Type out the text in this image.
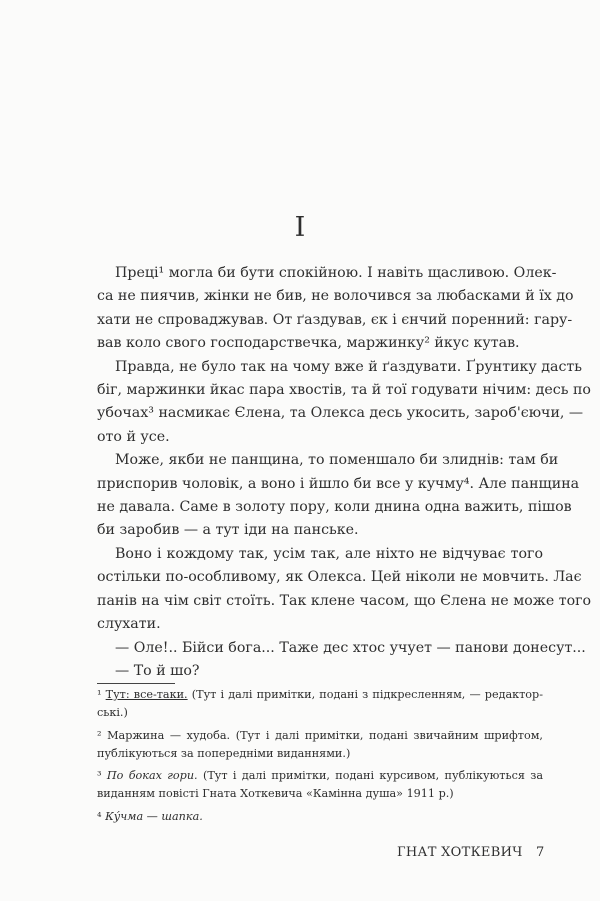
I
Преці¹ могла би бути спокійною. І навіть щасливою. Олек-
са не пиячив, жінки не бив, не волочився за любасками й їх до
хати не спроваджував. От ґаздував, єк і єнчий поренний: гару-
вав коло свого господарствечка, маржинку² йкус кутав.
Правда, не було так на чому вже й ґаздувати. Ґрунтику дасть
біг, маржинки йкас пара хвостів, та й тої годувати нічим: десь по
убочах³ насмикає Єлена, та Олекса десь укосить, зароб'єючи, —
ото й усе.
Може, якби не панщина, то поменшало би злиднів: там би
приспорив чоловік, а воно і йшло би все у кучму⁴. Але панщина
не давала. Саме в золоту пору, коли днина одна важить, пішов
би заробив — а тут іди на панське.
Воно і кождому так, усім так, але ніхто не відчуває того
остільки по-особливому, як Олекса. Цей ніколи не мовчить. Лає
панів на чім світ стоїть. Так клене часом, що Єлена не може того
слухати.
— Оле!.. Бійси бога... Таже дес хтос учует — панови донесут...
— То й шо?
¹ Тут: все-таки. (Тут і далі примітки, подані з підкресленням, — редактор-
ські.)
² Маржина — худоба. (Тут і далі примітки, подані звичайним шрифтом,
публікуються за попередніми виданнями.)
³ По боках гори. (Тут і далі примітки, подані курсивом, публікуються за
виданням повісті Гната Хоткевича «Камінна душа» 1911 р.)
⁴ Ку́чма — шапка.
ГНАТ ХОТКЕВИЧ 7
